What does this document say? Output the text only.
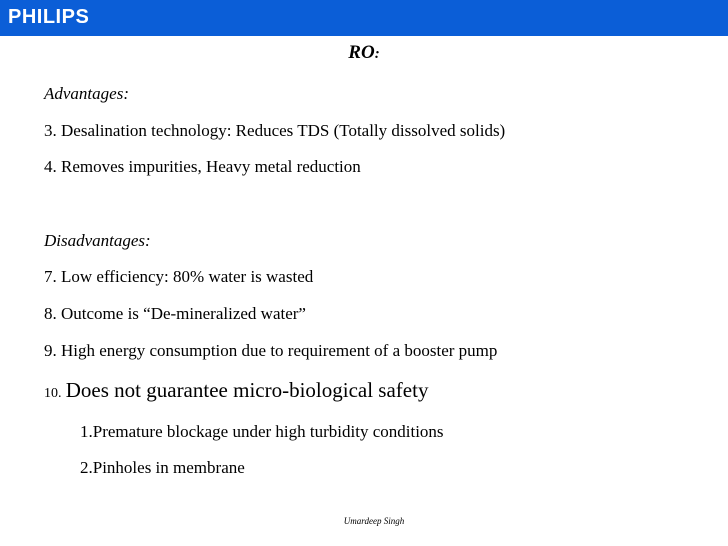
PHILIPS
RO:
Advantages:
3. Desalination technology: Reduces TDS (Totally dissolved solids)
4. Removes impurities, Heavy metal reduction
Disadvantages:
7. Low efficiency: 80% water is wasted
8. Outcome is “De-mineralized water”
9. High energy consumption due to requirement of a booster pump
10. Does not guarantee micro-biological safety
1.Premature blockage under high turbidity conditions
2.Pinholes in membrane
Umardeep Singh
